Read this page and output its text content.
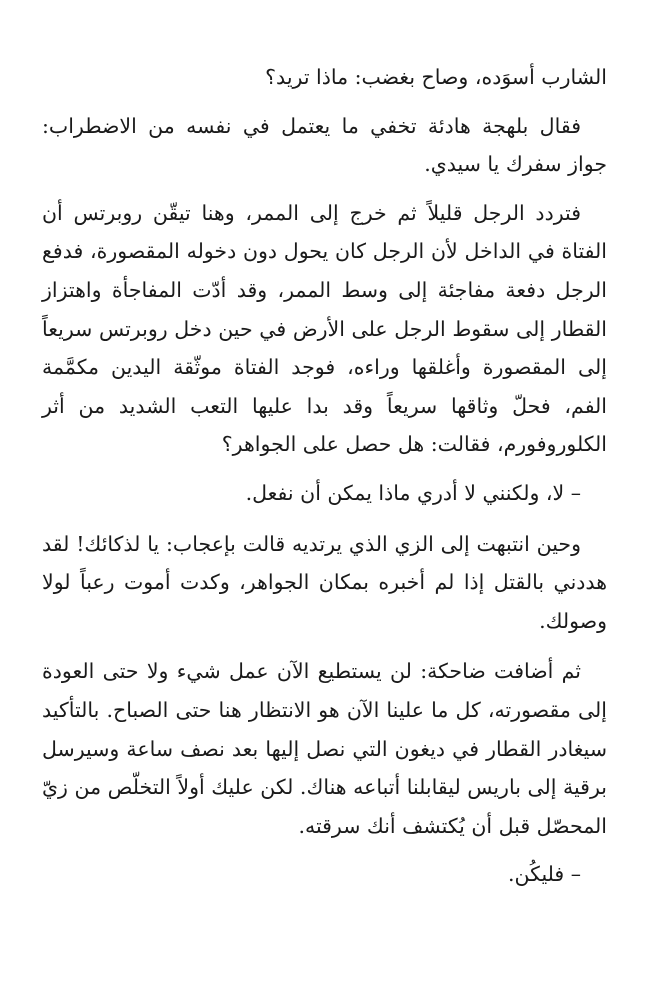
الشارب أسوَده، وصاح بغضب: ماذا تريد؟

فقال بلهجة هادئة تخفي ما يعتمل في نفسه من الاضطراب: جواز سفرك يا سيدي.

فتردد الرجل قليلاً ثم خرج إلى الممر، وهنا تيقّن روبرتس أن الفتاة في الداخل لأن الرجل كان يحول دون دخوله المقصورة، فدفع الرجل دفعة مفاجئة إلى وسط الممر، وقد أدّت المفاجأة واهتزاز القطار إلى سقوط الرجل على الأرض في حين دخل روبرتس سريعاً إلى المقصورة وأغلقها وراءه، فوجد الفتاة موثّقة اليدين مكمَّمة الفم، فحلّ وثاقها سريعاً وقد بدا عليها التعب الشديد من أثر الكلوروفورم، فقالت: هل حصل على الجواهر؟

– لا، ولكنني لا أدري ماذا يمكن أن نفعل.

وحين انتبهت إلى الزي الذي يرتديه قالت بإعجاب: يا لذكائك! لقد هددني بالقتل إذا لم أخبره بمكان الجواهر، وكدت أموت رعباً لولا وصولك.

ثم أضافت ضاحكة: لن يستطيع الآن عمل شيء ولا حتى العودة إلى مقصورته، كل ما علينا الآن هو الانتظار هنا حتى الصباح. بالتأكيد سيغادر القطار في ديغون التي نصل إليها بعد نصف ساعة وسيرسل برقية إلى باريس ليقابلنا أتباعه هناك. لكن عليك أولاً التخلّص من زيّ المحصّل قبل أن يُكتشف أنك سرقته.

– فليكُن.
